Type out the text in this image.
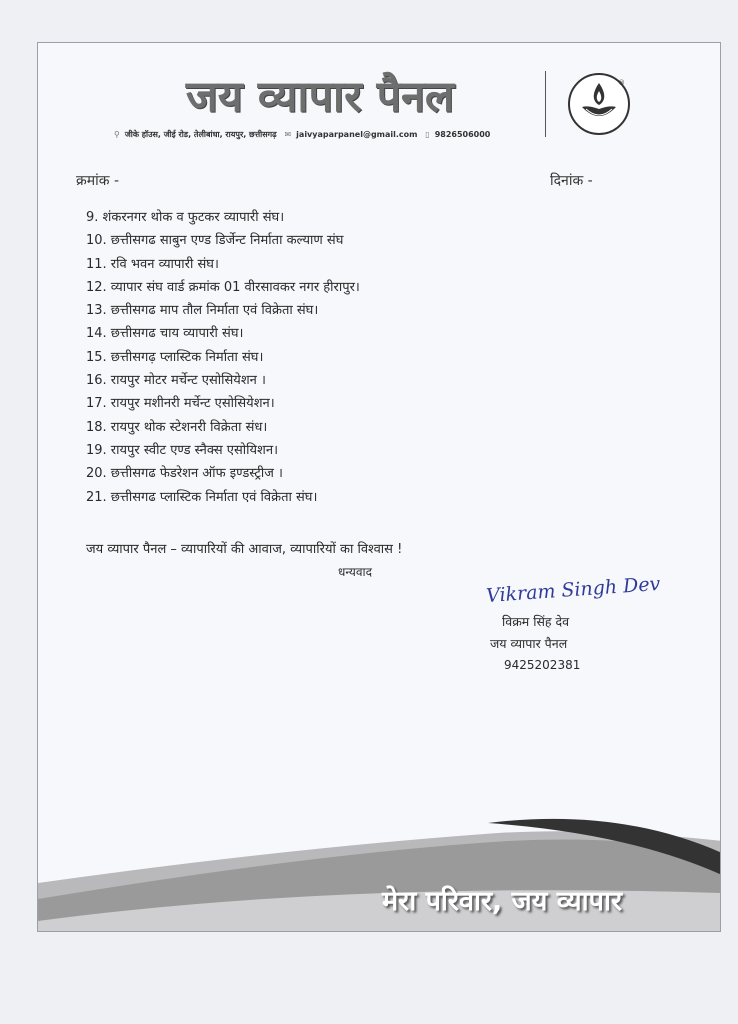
जय व्यापार पैनल
⚲ जीके हॉउस, जीई रोड, तेलीबांधा, रायपुर, छत्तीसगढ़ ✉ jaivyaparpanel@gmail.com ▯ 9826506000
®
क्रमांक -	दिनांक -
9. शंकरनगर थोक व फुटकर व्यापारी संघ।
10. छत्तीसगढ साबुन एण्ड डिर्जेन्ट निर्माता कल्याण संघ
11. रवि भवन व्यापारी संघ।
12. व्यापार संघ वार्ड क्रमांक 01 वीरसावकर नगर हीरापुर।
13. छत्तीसगढ माप तौल निर्माता एवं विक्रेता संघ।
14. छत्तीसगढ चाय व्यापारी संघ।
15. छत्तीसगढ़ प्लास्टिक निर्माता संघ।
16. रायपुर मोटर मर्चेन्ट एसोसियेशन ।
17. रायपुर मशीनरी मर्चेन्ट एसोसियेशन।
18. रायपुर थोक स्टेशनरी विक्रेता संध।
19. रायपुर स्वीट एण्ड स्नैक्स एसोयिशन।
20. छत्तीसगढ फेडरेशन ऑफ इण्डस्ट्रीज ।
21. छत्तीसगढ प्लास्टिक निर्माता एवं विक्रेता संघ।
जय व्यापार पैनल – व्यापारियों की आवाज, व्यापारियों का विश्वास !
धन्यवाद
Vikram Singh Dev
विक्रम सिंह देव
जय व्यापार पैनल
9425202381
मेरा परिवार, जय व्यापार
